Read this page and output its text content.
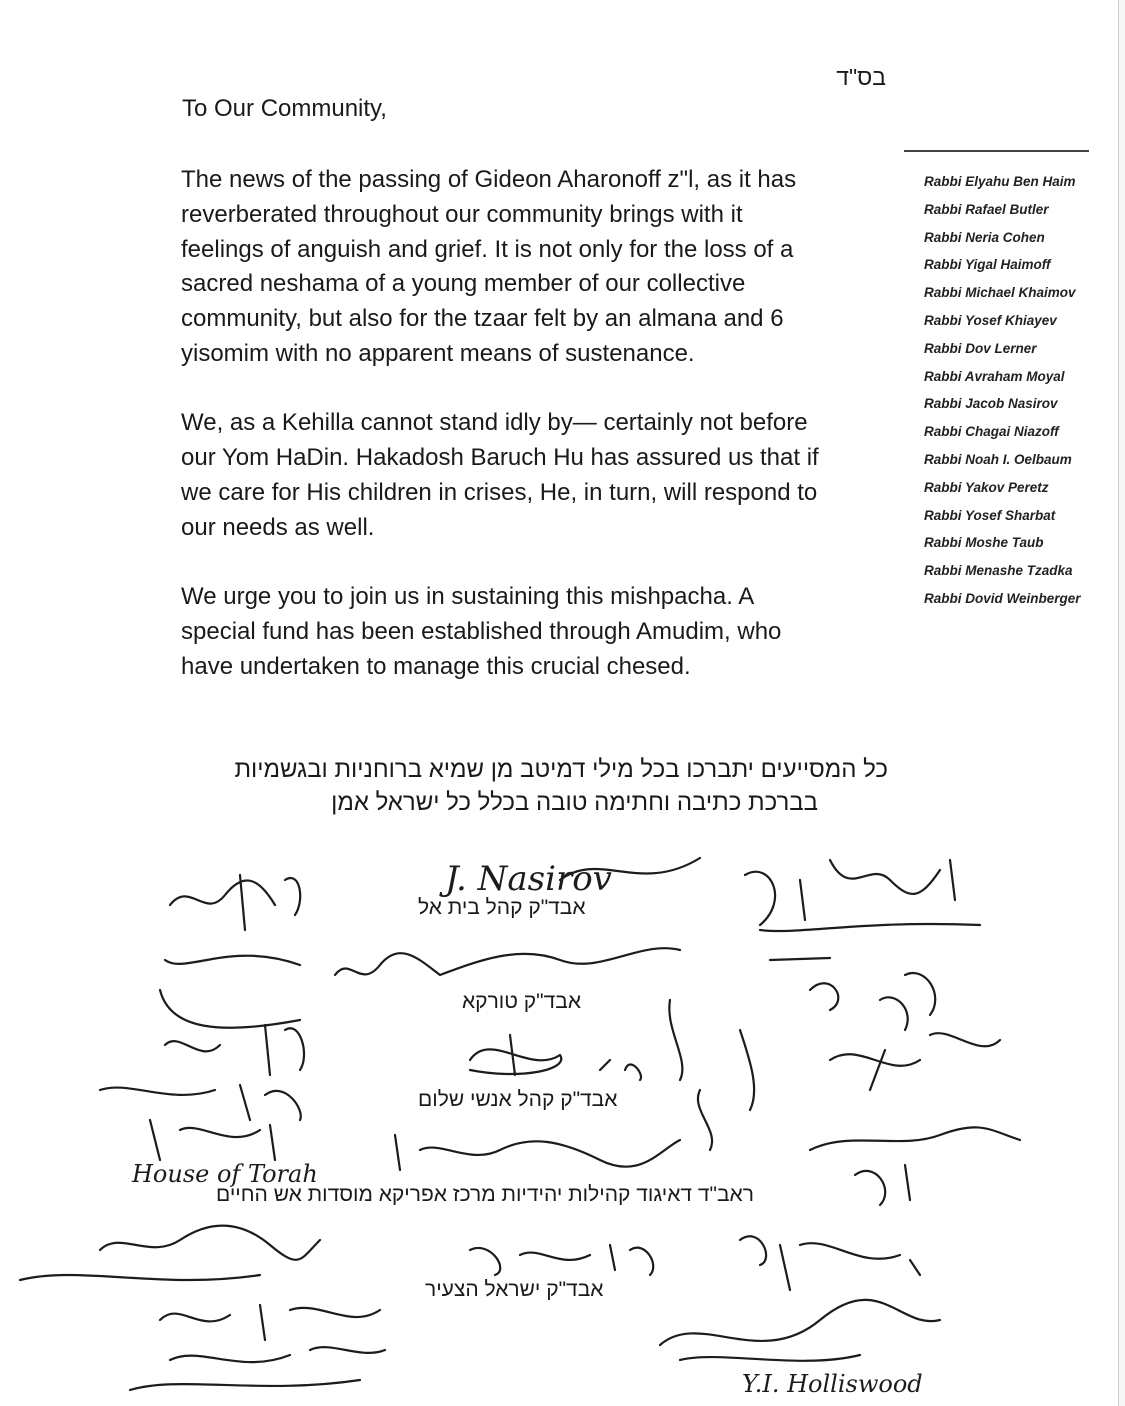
בס"ד
To Our Community,

The news of the passing of Gideon Aharonoff z"l, as it has
reverberated throughout our community brings with it
feelings of anguish and grief. It is not only for the loss of a
sacred neshama of a young member of our collective
community, but also for the tzaar felt by an almana and 6
yisomim with no apparent means of sustenance.

We, as a Kehilla cannot stand idly by— certainly not before
our Yom HaDin. Hakadosh Baruch Hu has assured us that if
we care for His children in crises, He, in turn, will respond to
our needs as well.

We urge you to join us in sustaining this mishpacha. A
special fund has been established through Amudim, who
have undertaken to manage this crucial chesed.

Rabbi Elyahu Ben Haim
Rabbi Rafael Butler
Rabbi Neria Cohen
Rabbi Yigal Haimoff
Rabbi Michael Khaimov
Rabbi Yosef Khiayev
Rabbi Dov Lerner
Rabbi Avraham Moyal
Rabbi Jacob Nasirov
Rabbi Chagai Niazoff
Rabbi Noah I. Oelbaum
Rabbi Yakov Peretz
Rabbi Yosef Sharbat
Rabbi Moshe Taub
Rabbi Menashe Tzadka
Rabbi Dovid Weinberger
כל המסייעים יתברכו בכל מילי דמיטב מן שמיא ברוחניות ובגשמיות
בברכת כתיבה וחתימה טובה בכלל כל ישראל אמן
אבד"ק קהל בית אל
אבד"ק טורקא
אבד"ק קהל אנשי שלום
ראב"ד דאיגוד קהילות יהידיות מרכז אפריקא מוסדות אש החיים
אבד"ק ישראל הצעיר
J. Nasirov
House of Torah
Y.I. Holliswood
